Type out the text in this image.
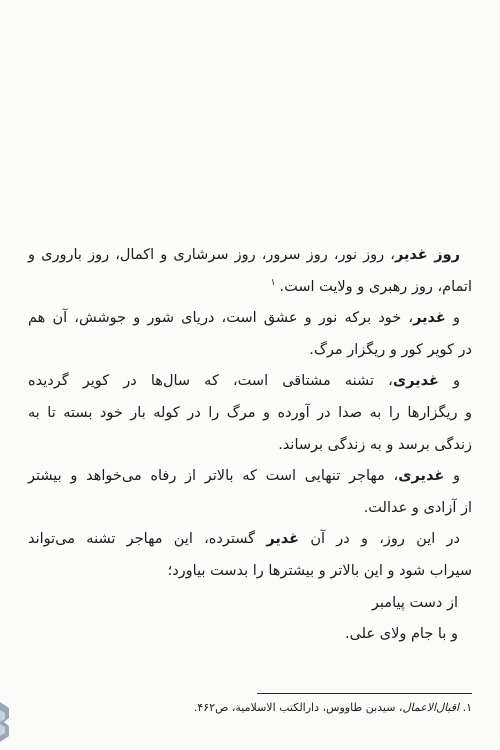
روز غدیر، روز نور، روز سرور، روز سرشاری و اکمال، روز باروری و
اتمام، روز رهبری و ولایت است.$^۱$
و غدیر، خود برکه نور و عشق است، دریای شور و جوشش، آن هم
در کویر کور و ریگزار مرگ.
و غدیری، تشنه مشتاقی است، که سال‌ها در کویر گردیده
و ریگزارها را به صدا در آورده و مرگ را در کوله بار خود بسته تا به
زندگی برسد و به زندگی برساند.
و غدیری، مهاجر تنهایی است که بالاتر از رفاه می‌خواهد و بیشتر
از آزادی و عدالت.
در این روز، و در آن غدیر گسترده، این مهاجر تشنه می‌تواند
سیراب شود و این بالاتر و بیشتر‌ها را بدست بیاورد؛
از دست پیامبر
و با جام ولای علی.
۱. اقبال‌الاعمال، سیدبن طاووس، دارالکتب الاسلامیة، ص۴۶۲.
